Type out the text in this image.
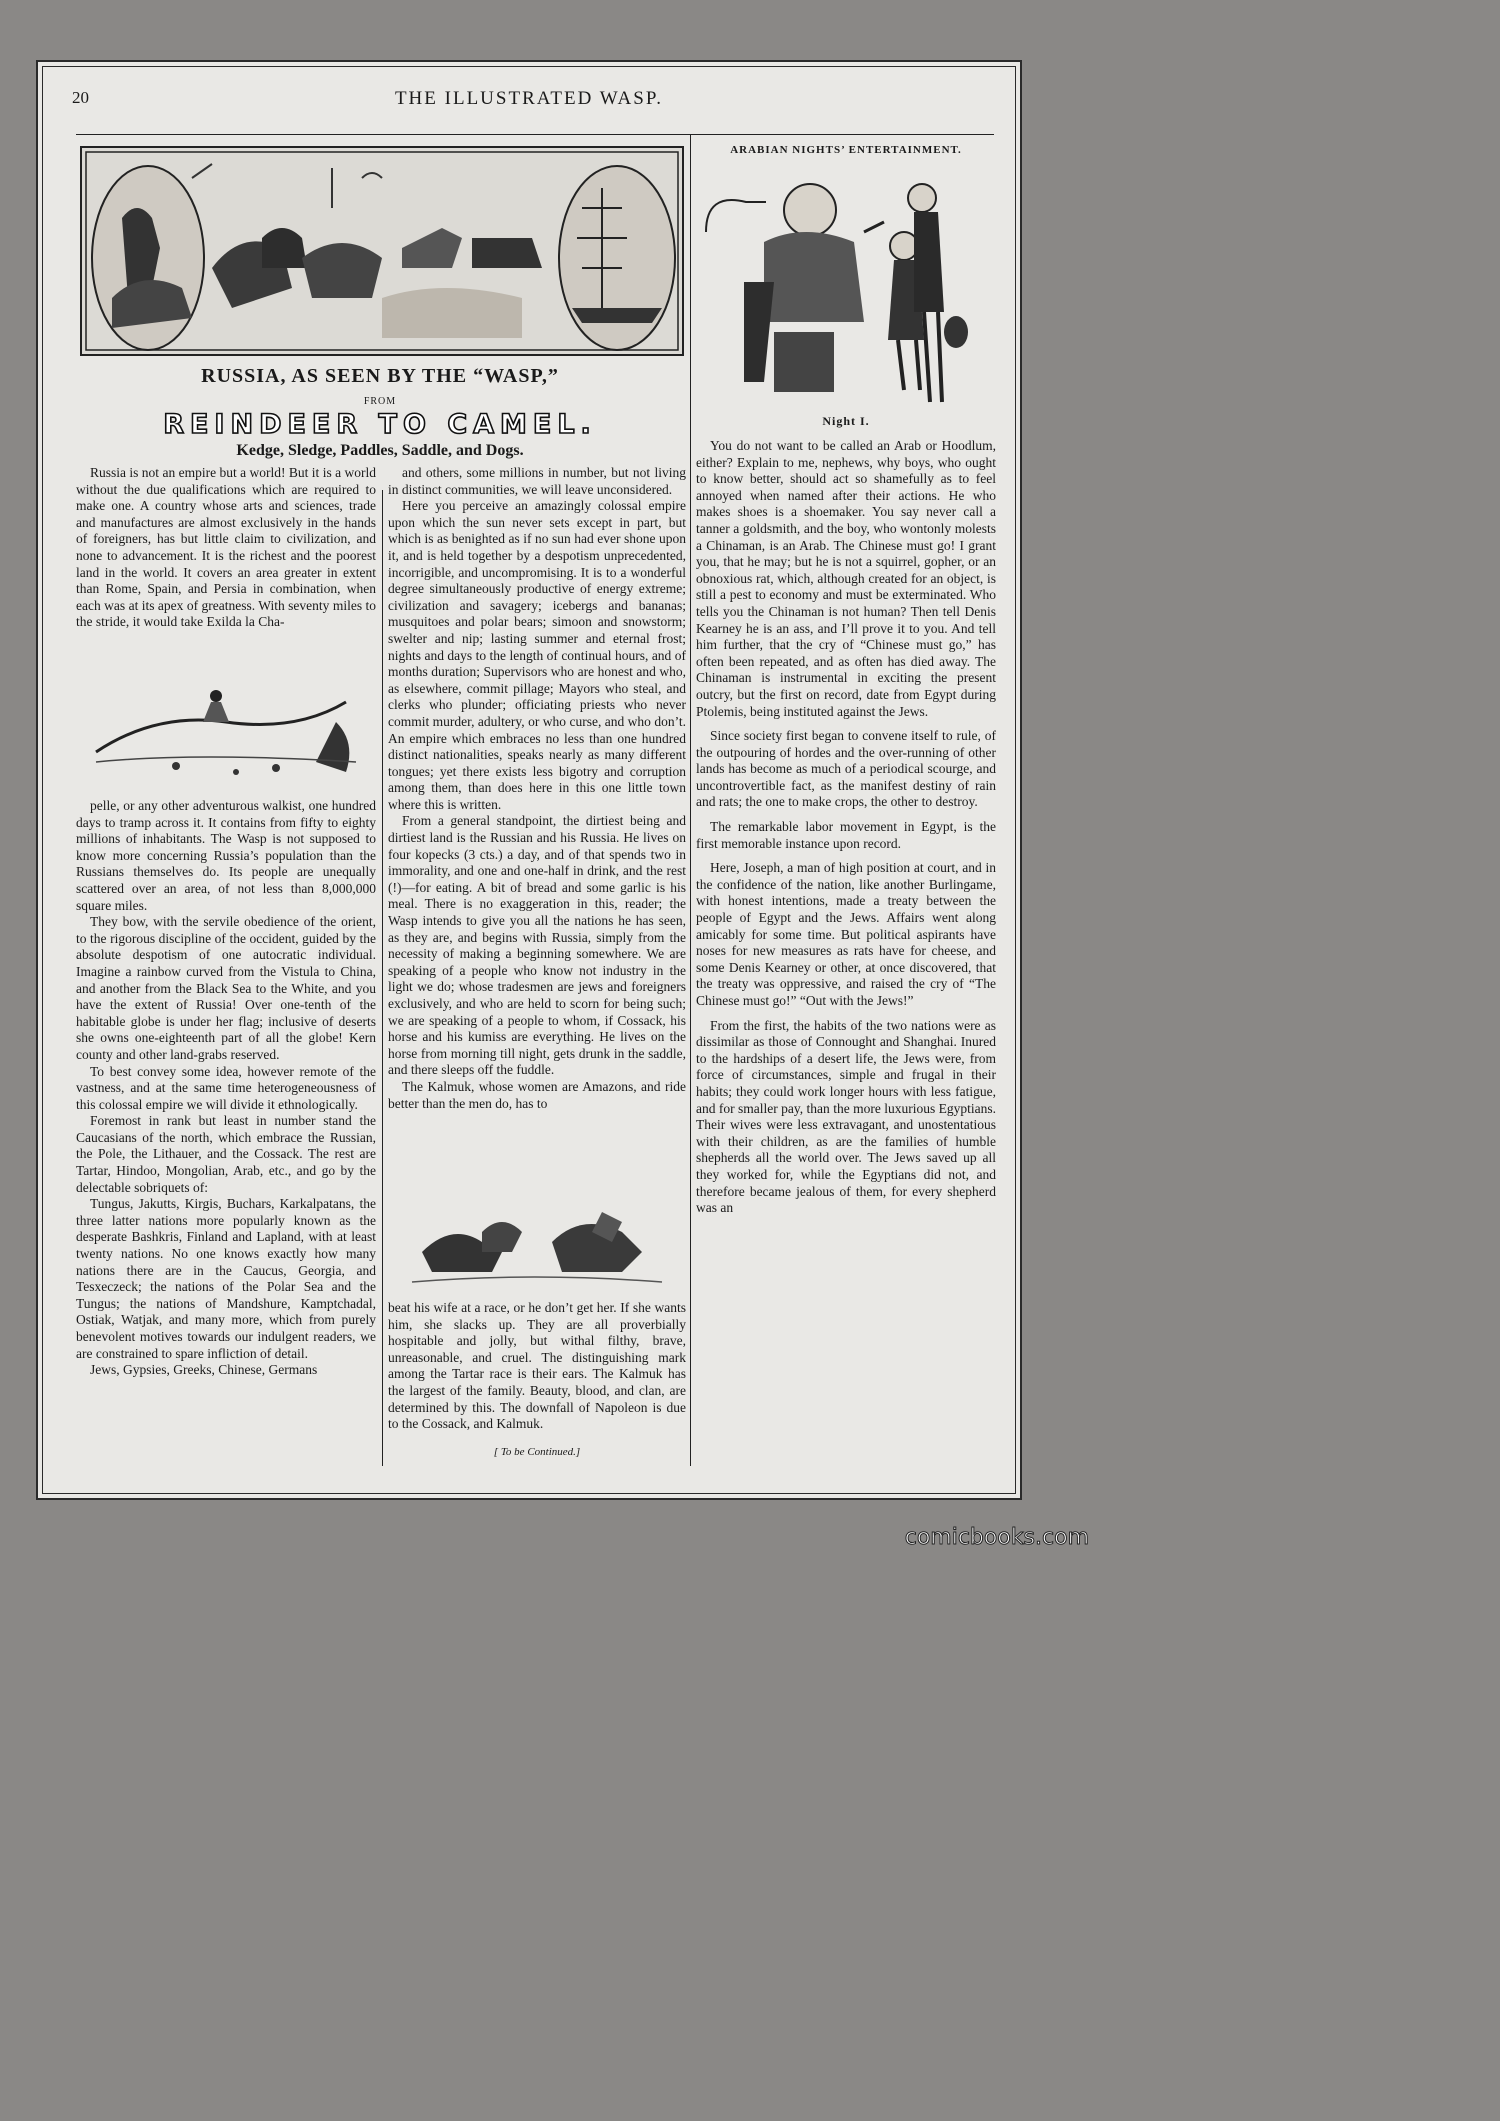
20	THE ILLUSTRATED WASP.
RUSSIA, AS SEEN BY THE “WASP,”
FROM
REINDEER TO CAMEL.
Kedge, Sledge, Paddles, Saddle, and Dogs.

Russia is not an empire but a world! But it is a world without the due qualifications which are required to make one. A country whose arts and sciences, trade and manufactures are almost exclusively in the hands of foreigners, has but little claim to civilization, and none to advancement. It is the richest and the poorest land in the world. It covers an area greater in extent than Rome, Spain, and Persia in combination, when each was at its apex of greatness. With seventy miles to the stride, it would take Exilda la Cha-

pelle, or any other adventurous walkist, one hundred days to tramp across it. It contains from fifty to eighty millions of inhabitants. The Wasp is not supposed to know more concerning Russia’s population than the Russians themselves do. Its people are unequally scattered over an area, of not less than 8,000,000 square miles.

They bow, with the servile obedience of the orient, to the rigorous discipline of the occident, guided by the absolute despotism of one autocratic individual. Imagine a rainbow curved from the Vistula to China, and another from the Black Sea to the White, and you have the extent of Russia! Over one-tenth of the habitable globe is under her flag; inclusive of deserts she owns one-eighteenth part of all the globe! Kern county and other land-grabs reserved.

To best convey some idea, however remote of the vastness, and at the same time heterogeneousness of this colossal empire we will divide it ethnologically.

Foremost in rank but least in number stand the Caucasians of the north, which embrace the Russian, the Pole, the Lithauer, and the Cossack. The rest are Tartar, Hindoo, Mongolian, Arab, etc., and go by the delectable sobriquets of:

Tungus, Jakutts, Kirgis, Buchars, Karkalpatans, the three latter nations more popularly known as the desperate Bashkris, Finland and Lapland, with at least twenty nations. No one knows exactly how many nations there are in the Caucus, Georgia, and Tesxeczeck; the nations of the Polar Sea and the Tungus; the nations of Mandshure, Kamptchadal, Ostiak, Watjak, and many more, which from purely benevolent motives towards our indulgent readers, we are constrained to spare infliction of detail.

Jews, Gypsies, Greeks, Chinese, Germans

and others, some millions in number, but not living in distinct communities, we will leave unconsidered.

Here you perceive an amazingly colossal empire upon which the sun never sets except in part, but which is as benighted as if no sun had ever shone upon it, and is held together by a despotism unprecedented, incorrigible, and uncompromising. It is to a wonderful degree simultaneously productive of energy extreme; civilization and savagery; icebergs and bananas; musquitoes and polar bears; simoon and snowstorm; swelter and nip; lasting summer and eternal frost; nights and days to the length of continual hours, and of months duration; Supervisors who are honest and who, as elsewhere, commit pillage; Mayors who steal, and clerks who plunder; officiating priests who never commit murder, adultery, or who curse, and who don’t. An empire which embraces no less than one hundred distinct nationalities, speaks nearly as many different tongues; yet there exists less bigotry and corruption among them, than does here in this one little town where this is written.

From a general standpoint, the dirtiest being and dirtiest land is the Russian and his Russia. He lives on four kopecks (3 cts.) a day, and of that spends two in immorality, and one and one-half in drink, and the rest (!)—for eating. A bit of bread and some garlic is his meal. There is no exaggeration in this, reader; the Wasp intends to give you all the nations he has seen, as they are, and begins with Russia, simply from the necessity of making a beginning somewhere. We are speaking of a people who know not industry in the light we do; whose tradesmen are jews and foreigners exclusively, and who are held to scorn for being such; we are speaking of a people to whom, if Cossack, his horse and his kumiss are everything. He lives on the horse from morning till night, gets drunk in the saddle, and there sleeps off the fuddle.

The Kalmuk, whose women are Amazons, and ride better than the men do, has to

beat his wife at a race, or he don’t get her. If she wants him, she slacks up. They are all proverbially hospitable and jolly, but withal filthy, brave, unreasonable, and cruel. The distinguishing mark among the Tartar race is their ears. The Kalmuk has the largest of the family. Beauty, blood, and clan, are determined by this. The downfall of Napoleon is due to the Cossack, and Kalmuk.

[ To be Continued.]
ARABIAN NIGHTS’ ENTERTAINMENT.
Night I.

You do not want to be called an Arab or Hoodlum, either? Explain to me, nephews, why boys, who ought to know better, should act so shamefully as to feel annoyed when named after their actions. He who makes shoes is a shoemaker. You say never call a tanner a goldsmith, and the boy, who wontonly molests a Chinaman, is an Arab. The Chinese must go! I grant you, that he may; but he is not a squirrel, gopher, or an obnoxious rat, which, although created for an object, is still a pest to economy and must be exterminated. Who tells you the Chinaman is not human? Then tell Denis Kearney he is an ass, and I’ll prove it to you. And tell him further, that the cry of “Chinese must go,” has often been repeated, and as often has died away. The Chinaman is instrumental in exciting the present outcry, but the first on record, date from Egypt during Ptolemis, being instituted against the Jews.

Since society first began to convene itself to rule, of the outpouring of hordes and the over-running of other lands has become as much of a periodical scourge, and uncontrovertible fact, as the manifest destiny of rain and rats; the one to make crops, the other to destroy.

The remarkable labor movement in Egypt, is the first memorable instance upon record.

Here, Joseph, a man of high position at court, and in the confidence of the nation, like another Burlingame, with honest intentions, made a treaty between the people of Egypt and the Jews. Affairs went along amicably for some time. But political aspirants have noses for new measures as rats have for cheese, and some Denis Kearney or other, at once discovered, that the treaty was oppressive, and raised the cry of “The Chinese must go!” “Out with the Jews!”

From the first, the habits of the two nations were as dissimilar as those of Connought and Shanghai. Inured to the hardships of a desert life, the Jews were, from force of circumstances, simple and frugal in their habits; they could work longer hours with less fatigue, and for smaller pay, than the more luxurious Egyptians. Their wives were less extravagant, and unostentatious with their children, as are the families of humble shepherds all the world over. The Jews saved up all they worked for, while the Egyptians did not, and therefore became jealous of them, for every shepherd was an

comicbooks.com
